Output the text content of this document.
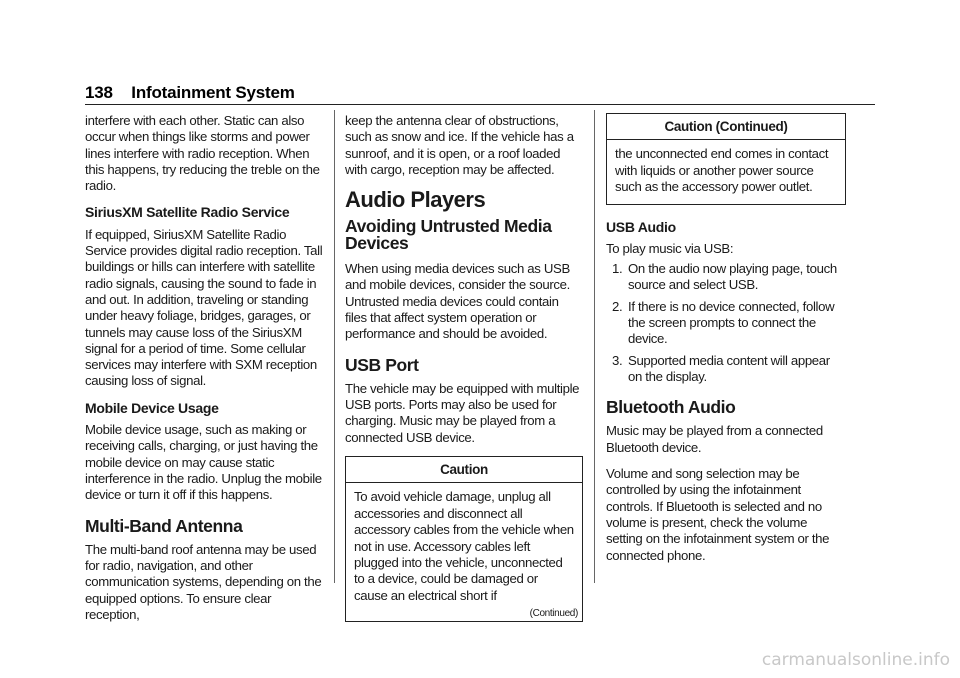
138 Infotainment System

interfere with each other. Static can also occur when things like storms and power lines interfere with radio reception. When this happens, try reducing the treble on the radio.

SiriusXM Satellite Radio Service

If equipped, SiriusXM Satellite Radio Service provides digital radio reception. Tall buildings or hills can interfere with satellite radio signals, causing the sound to fade in and out. In addition, traveling or standing under heavy foliage, bridges, garages, or tunnels may cause loss of the SiriusXM signal for a period of time. Some cellular services may interfere with SXM reception causing loss of signal.

Mobile Device Usage

Mobile device usage, such as making or receiving calls, charging, or just having the mobile device on may cause static interference in the radio. Unplug the mobile device or turn it off if this happens.

Multi-Band Antenna

The multi-band roof antenna may be used for radio, navigation, and other communication systems, depending on the equipped options. To ensure clear reception,

keep the antenna clear of obstructions, such as snow and ice. If the vehicle has a sunroof, and it is open, or a roof loaded with cargo, reception may be affected.

Audio Players
Avoiding Untrusted Media Devices

When using media devices such as USB and mobile devices, consider the source. Untrusted media devices could contain files that affect system operation or performance and should be avoided.

USB Port

The vehicle may be equipped with multiple USB ports. Ports may also be used for charging. Music may be played from a connected USB device.

Caution
To avoid vehicle damage, unplug all accessories and disconnect all accessory cables from the vehicle when not in use. Accessory cables left plugged into the vehicle, unconnected to a device, could be damaged or cause an electrical short if
(Continued)
Caution (Continued)
the unconnected end comes in contact with liquids or another power source such as the accessory power outlet.
USB Audio

To play music via USB:

1. On the audio now playing page, touch source and select USB.
2. If there is no device connected, follow the screen prompts to connect the device.
3. Supported media content will appear on the display.
Bluetooth Audio

Music may be played from a connected Bluetooth device.

Volume and song selection may be controlled by using the infotainment controls. If Bluetooth is selected and no volume is present, check the volume setting on the infotainment system or the connected phone.

carmanualsonline.info
